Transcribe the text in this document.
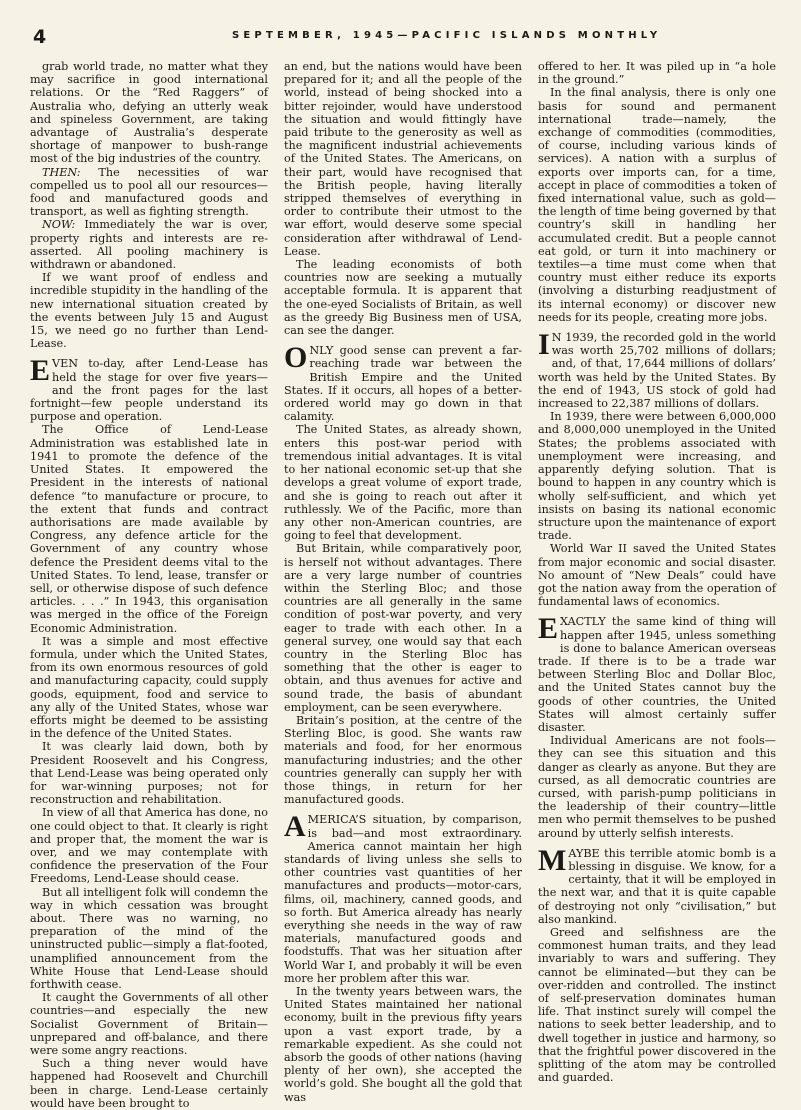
4	SEPTEMBER, 1945—PACIFIC ISLANDS MONTHLY

grab world trade, no matter what they may sacrifice in good international relations. Or the “Red Raggers” of Australia who, defying an utterly weak and spineless Government, are taking advantage of Australia’s desperate shortage of manpower to bush-range most of the big industries of the country.

THEN: The necessities of war compelled us to pool all our resources—food and manufactured goods and transport, as well as fighting strength.

NOW: Immediately the war is over, property rights and interests are re-asserted. All pooling machinery is withdrawn or abandoned.

If we want proof of endless and incredible stupidity in the handling of the new international situation created by the events between July 15 and August 15, we need go no further than Lend-Lease.

EVEN to-day, after Lend-Lease has held the stage for over five years—and the front pages for the last fortnight—few people understand its purpose and operation.

The Office of Lend-Lease Administration was established late in 1941 to promote the defence of the United States. It empowered the President in the interests of national defence “to manufacture or procure, to the extent that funds and contract authorisations are made available by Congress, any defence article for the Government of any country whose defence the President deems vital to the United States. To lend, lease, transfer or sell, or otherwise dispose of such defence articles. . . .” In 1943, this organisation was merged in the office of the Foreign Economic Administration.

It was a simple and most effective formula, under which the United States, from its own enormous resources of gold and manufacturing capacity, could supply goods, equipment, food and service to any ally of the United States, whose war efforts might be deemed to be assisting in the defence of the United States.

It was clearly laid down, both by President Roosevelt and his Congress, that Lend-Lease was being operated only for war-winning purposes; not for reconstruction and rehabilitation.

In view of all that America has done, no one could object to that. It clearly is right and proper that, the moment the war is over, and we may contemplate with confidence the preservation of the Four Freedoms, Lend-Lease should cease.

But all intelligent folk will condemn the way in which cessation was brought about. There was no warning, no preparation of the mind of the uninstructed public—simply a flat-footed, unamplified announcement from the White House that Lend-Lease should forthwith cease.

It caught the Governments of all other countries—and especially the new Socialist Government of Britain—unprepared and off-balance, and there were some angry reactions.

Such a thing never would have happened had Roosevelt and Churchill been in charge. Lend-Lease certainly would have been brought to

an end, but the nations would have been prepared for it; and all the people of the world, instead of being shocked into a bitter rejoinder, would have understood the situation and would fittingly have paid tribute to the generosity as well as the magnificent industrial achievements of the United States. The Americans, on their part, would have recognised that the British people, having literally stripped themselves of everything in order to contribute their utmost to the war effort, would deserve some special consideration after withdrawal of Lend-Lease.

The leading economists of both countries now are seeking a mutually acceptable formula. It is apparent that the one-eyed Socialists of Britain, as well as the greedy Big Business men of USA, can see the danger.

ONLY good sense can prevent a far-reaching trade war between the British Empire and the United States. If it occurs, all hopes of a better-ordered world may go down in that calamity.

The United States, as already shown, enters this post-war period with tremendous initial advantages. It is vital to her national economic set-up that she develops a great volume of export trade, and she is going to reach out after it ruthlessly. We of the Pacific, more than any other non-American countries, are going to feel that development.

But Britain, while comparatively poor, is herself not without advantages. There are a very large number of countries within the Sterling Bloc; and those countries are all generally in the same condition of post-war poverty, and very eager to trade with each other. In a general survey, one would say that each country in the Sterling Bloc has something that the other is eager to obtain, and thus avenues for active and sound trade, the basis of abundant employment, can be seen everywhere.

Britain’s position, at the centre of the Sterling Bloc, is good. She wants raw materials and food, for her enormous manufacturing industries; and the other countries generally can supply her with those things, in return for her manufactured goods.

AMERICA’S situation, by comparison, is bad—and most extraordinary. America cannot maintain her high standards of living unless she sells to other countries vast quantities of her manufactures and products—motor-cars, films, oil, machinery, canned goods, and so forth. But America already has nearly everything she needs in the way of raw materials, manufactured goods and foodstuffs. That was her situation after World War I, and probably it will be even more her problem after this war.

In the twenty years between wars, the United States maintained her national economy, built in the previous fifty years upon a vast export trade, by a remarkable expedient. As she could not absorb the goods of other nations (having plenty of her own), she accepted the world’s gold. She bought all the gold that was

offered to her. It was piled up in “a hole in the ground.”

In the final analysis, there is only one basis for sound and permanent international trade—namely, the exchange of commodities (commodities, of course, including various kinds of services). A nation with a surplus of exports over imports can, for a time, accept in place of commodities a token of fixed international value, such as gold—the length of time being governed by that country’s skill in handling her accumulated credit. But a people cannot eat gold, or turn it into machinery or textiles—a time must come when that country must either reduce its exports (involving a disturbing readjustment of its internal economy) or discover new needs for its people, creating more jobs.

I N 1939, the recorded gold in the world was worth 25,702 millions of dollars; and, of that, 17,644 millions of dollars’ worth was held by the United States. By the end of 1943, US stock of gold had increased to 22,387 millions of dollars.

In 1939, there were between 6,000,000 and 8,000,000 unemployed in the United States; the problems associated with unemployment were increasing, and apparently defying solution. That is bound to happen in any country which is wholly self-sufficient, and which yet insists on basing its national economic structure upon the maintenance of export trade.

World War II saved the United States from major economic and social disaster. No amount of “New Deals” could have got the nation away from the operation of fundamental laws of economics.

EXACTLY the same kind of thing will happen after 1945, unless something is done to balance American overseas trade. If there is to be a trade war between Sterling Bloc and Dollar Bloc, and the United States cannot buy the goods of other countries, the United States will almost certainly suffer disaster.

Individual Americans are not fools—they can see this situation and this danger as clearly as anyone. But they are cursed, as all democratic countries are cursed, with parish-pump politicians in the leadership of their country—little men who permit themselves to be pushed around by utterly selfish interests.

MAYBE this terrible atomic bomb is a blessing in disguise. We know, for a certainty, that it will be employed in the next war, and that it is quite capable of destroying not only “civilisation,” but also mankind.

Greed and selfishness are the commonest human traits, and they lead invariably to wars and suffering. They cannot be eliminated—but they can be over-ridden and controlled. The instinct of self-preservation dominates human life. That instinct surely will compel the nations to seek better leadership, and to dwell together in justice and harmony, so that the frightful power discovered in the splitting of the atom may be controlled and guarded.
